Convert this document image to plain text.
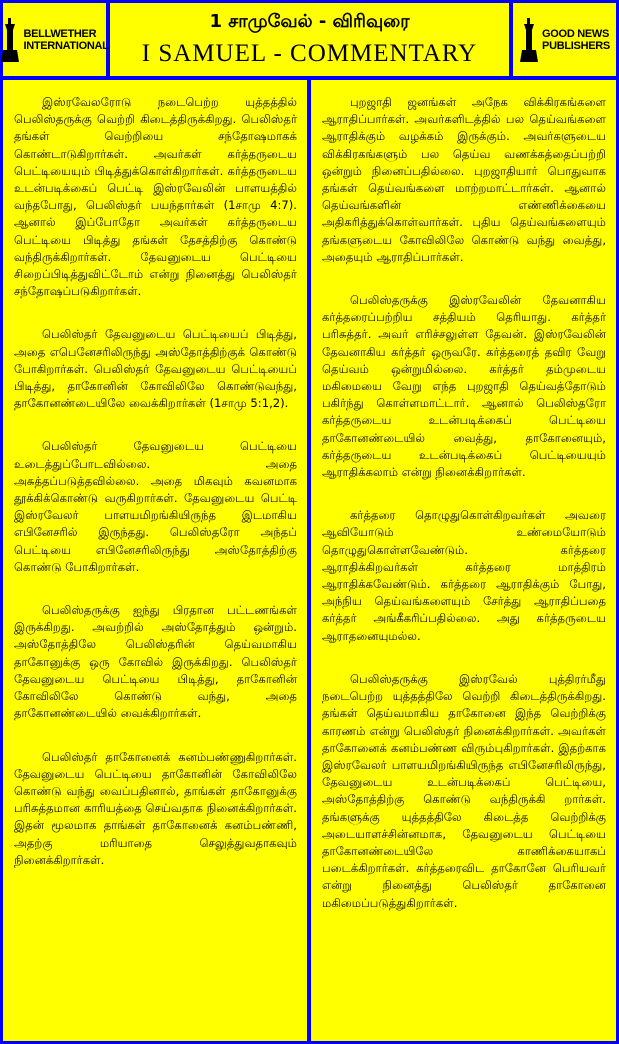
BELLWETHER
INTERNATIONAL
1 சாமுவேல் - விரிவுரை
I SAMUEL - COMMENTARY
GOOD NEWS
PUBLISHERS

இஸ்ரவேலரோடு நடைபெற்ற யுத்தத்தில் பெலிஸ்தருக்கு வெற்றி கிடைத்திருக்கிறது. பெலிஸ்தர் தங்கள் வெற்றியை சந்தோஷமாகக் கொண்டாடுகிறார்கள். அவர்கள் கர்த்தருடைய பெட்டியையும் பிடித்துக்கொள்கிறார்கள். கர்த்தருடைய உடன்படிக்கைப் பெட்டி இஸ்ரவேலின் பாளயத்தில் வந்தபோது, பெலிஸ்தர் பயந்தார்கள் (1சாமு 4:7). ஆனால் இப்போதோ அவர்கள் கர்த்தருடைய பெட்டியை பிடித்து தங்கள் தேசத்திற்கு கொண்டு வந்திருக்கிறார்கள். தேவனுடைய பெட்டியை சிறைப்பிடித்துவிட்டோம் என்று நினைத்து பெலிஸ்தர் சந்தோஷப்படுகிறார்கள்.

பெலிஸ்தர் தேவனுடைய பெட்டியைப் பிடித்து, அதை எபெனேசரிலிருந்து அஸ்தோத்திற்குக் கொண்டு போகிறார்கள். பெலிஸ்தர் தேவனுடைய பெட்டியைப் பிடித்து, தாகோனின் கோவிலிலே கொண்டுவந்து, தாகோனண்டையிலே வைக்கிறார்கள் (1சாமு 5:1,2).

பெலிஸ்தர் தேவனுடைய பெட்டியை உடைத்துப்போடவில்லை. அதை அசுத்தப்படுத்தவில்லை. அதை மிகவும் கவனமாக தூக்கிக்கொண்டு வருகிறார்கள். தேவனுடைய பெட்டி இஸ்ரவேலர் பாளயமிறங்கியிருந்த இடமாகிய எபினேசரில் இருந்தது. பெலிஸ்தரோ அந்தப் பெட்டியை எபினேசரிலிருந்து அஸ்தோத்திற்கு கொண்டு போகிறார்கள்.

பெலிஸ்தருக்கு ஐந்து பிரதான பட்டணங்கள் இருக்கிறது. அவற்றில் அஸ்தோத்தும் ஒன்றும். அஸ்தோத்திலே பெலிஸ்தரின் தெய்வமாகிய தாகோனுக்கு ஒரு கோவில் இருக்கிறது. பெலிஸ்தர் தேவனுடைய பெட்டியை பிடித்து, தாகோனின் கோவிலிலே கொண்டு வந்து, அதை தாகோனண்டையில் வைக்கிறார்கள்.

பெலிஸ்தர் தாகோனைக் கனம்பண்ணுகிறார்கள். தேவனுடைய பெட்டியை தாகோனின் கோவிலிலே கொண்டு வந்து வைப்பதினால், தாங்கள் தாகோனுக்கு பரிசுத்தமான காரியத்தை செய்வதாக நினைக்கிறார்கள். இதன் மூலமாக தாங்கள் தாகோனைக் கனம்பண்ணி, அதற்கு மரியாதை செலுத்துவதாகவும் நினைக்கிறார்கள்.

புறஜாதி ஜனங்கள் அநேக விக்கிரகங்களை ஆராதிப்பார்கள். அவர்களிடத்தில் பல தெய்வங்களை ஆராதிக்கும் வழக்கம் இருக்கும். அவர்களுடைய விக்கிரகங்களும் பல தெய்வ வணக்கத்தைப்பற்றி ஒன்றும் நினைப்பதில்லை. புறஜாதியார் பொதுவாக தங்கள் தெய்வங்களை மாற்றமாட்டார்கள். ஆனால் தெய்வங்களின் எண்ணிக்கையை அதிகரித்துக்கொள்வார்கள். புதிய தெய்வங்களையும் தங்களுடைய கோவிலிலே கொண்டு வந்து வைத்து, அதையும் ஆராதிப்பார்கள்.

பெலிஸ்தருக்கு இஸ்ரவேலின் தேவனாகிய கர்த்தரைப்பற்றிய சத்தியம் தெரியாது. கர்த்தர் பரிசுத்தர். அவர் எரிச்சலுள்ள தேவன். இஸ்ரவேலின் தேவனாகிய கர்த்தர் ஒருவரே. கர்த்தரைத் தவிர வேறு தெய்வம் ஒன்றுமில்லை. கர்த்தர் தம்முடைய மகிமையை வேறு எந்த புறஜாதி தெய்வத்தோடும் பகிர்ந்து கொள்ளமாட்டார். ஆனால் பெலிஸ்தரோ கர்த்தருடைய உடன்படிக்கைப் பெட்டியை தாகோனண்டையில் வைத்து, தாகோனையும், கர்த்தருடைய உடன்படிக்கைப் பெட்டியையும் ஆராதிக்கலாம் என்று நினைக்கிறார்கள்.

கர்த்தரை தொழுதுகொள்கிறவர்கள் அவரை ஆவியோடும் உண்மையோடும் தொழுதுகொள்ளவேண்டும். கர்த்தரை ஆராதிக்கிறவர்கள் கர்த்தரை மாத்திரம் ஆராதிக்கவேண்டும். கர்த்தரை ஆராதிக்கும் போது, அந்நிய தெய்வங்களையும் சேர்த்து ஆராதிப்பதை கர்த்தர் அங்கீகரிப்பதில்லை. அது கர்த்தருடைய ஆராதனையுமல்ல.

பெலிஸ்தருக்கு இஸ்ரவேல் புத்திரர்மீது நடைபெற்ற யுத்தத்திலே வெற்றி கிடைத்திருக்கிறது. தங்கள் தெய்வமாகிய தாகோனை இந்த வெற்றிக்கு காரணம் என்று பெலிஸ்தர் நினைக்கிறார்கள். அவர்கள் தாகோனைக் கனம்பண்ண விரும்புகிறார்கள். இதற்காக இஸ்ரவேலர் பாளயமிறங்கியிருந்த எபினேசரிலிருந்து, தேவனுடைய உடன்படிக்கைப் பெட்டியை, அஸ்தோத்திற்கு கொண்டு வந்திருக்கி றார்கள். தங்களுக்கு யுத்தத்திலே கிடைத்த வெற்றிக்கு அடையாளச்சின்னமாக, தேவனுடைய பெட்டியை தாகோனண்டையிலே காணிக்கையாகப் படைக்கிறார்கள். கர்த்தரைவிட தாகோனே பெரியவர் என்று நினைத்து பெலிஸ்தர் தாகோனை மகிமைப்படுத்துகிறார்கள்.
